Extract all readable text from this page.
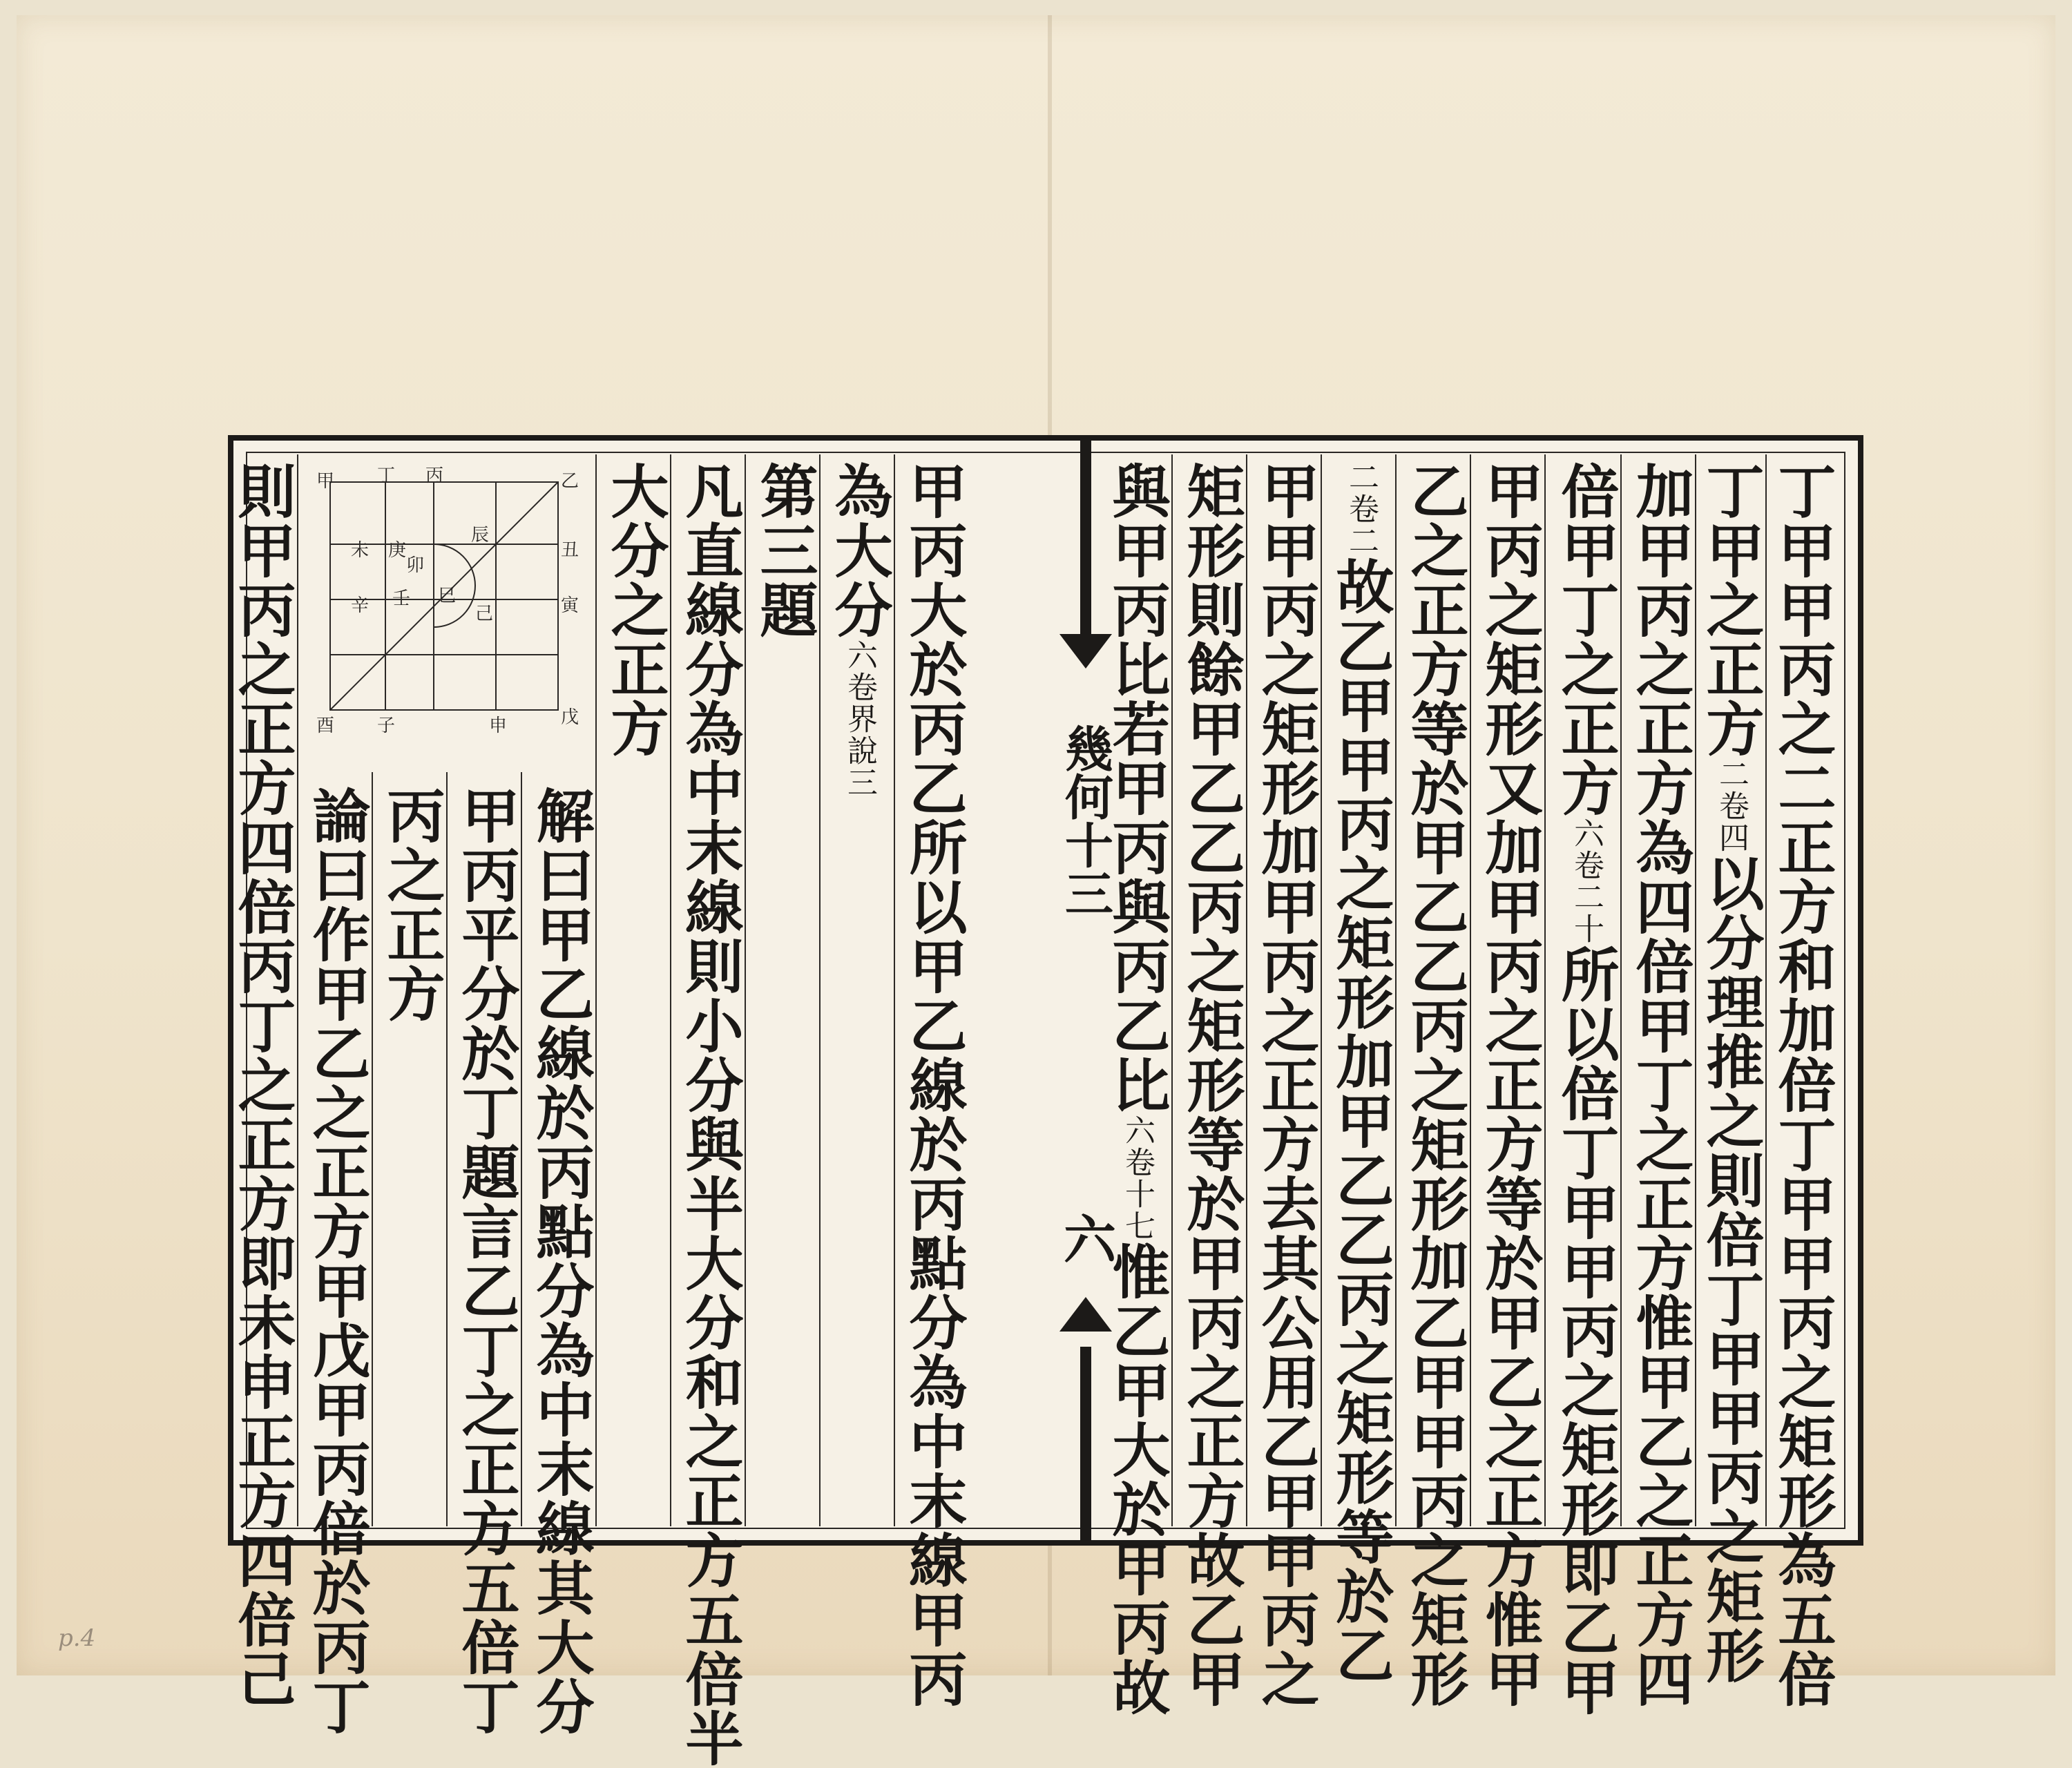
p.4	丁甲甲丙之二正方和加倍丁甲甲丙之矩形為五倍
丁甲之正方二卷四以分理推之則倍丁甲甲丙之矩形
加甲丙之正方為四倍甲丁之正方惟甲乙之正方四
倍甲丁之正方六卷二十所以倍丁甲甲丙之矩形即乙甲
甲丙之矩形又加甲丙之正方等於甲乙之正方惟甲
乙之正方等於甲乙乙丙之矩形加乙甲甲丙之矩形
二卷二故乙甲甲丙之矩形加甲乙乙丙之矩形等於乙
甲甲丙之矩形加甲丙之正方去其公用乙甲甲丙之
矩形則餘甲乙乙丙之矩形等於甲丙之正方故乙甲
與甲丙比若甲丙與丙乙比六卷十七惟乙甲大於甲丙故
幾何十三
六
甲丙大於丙乙所以甲乙線於丙點分為中末線甲丙
為大分六卷界說三
第三題
凡直線分為中末線則小分與半大分和之正方五倍半
大分之正方
解曰甲乙線於丙點分為中末線其大分
甲丙平分於丁題言乙丁之正方五倍丁
丙之正方
論曰作甲乙之正方甲戊甲丙倍於丙丁
則甲丙之正方四倍丙丁之正方即未申正方四倍己 甲 丁 丙	乙
丑
寅
辰
卯
庚
巳
壬
未
辛	己
酉 子	申	戊
